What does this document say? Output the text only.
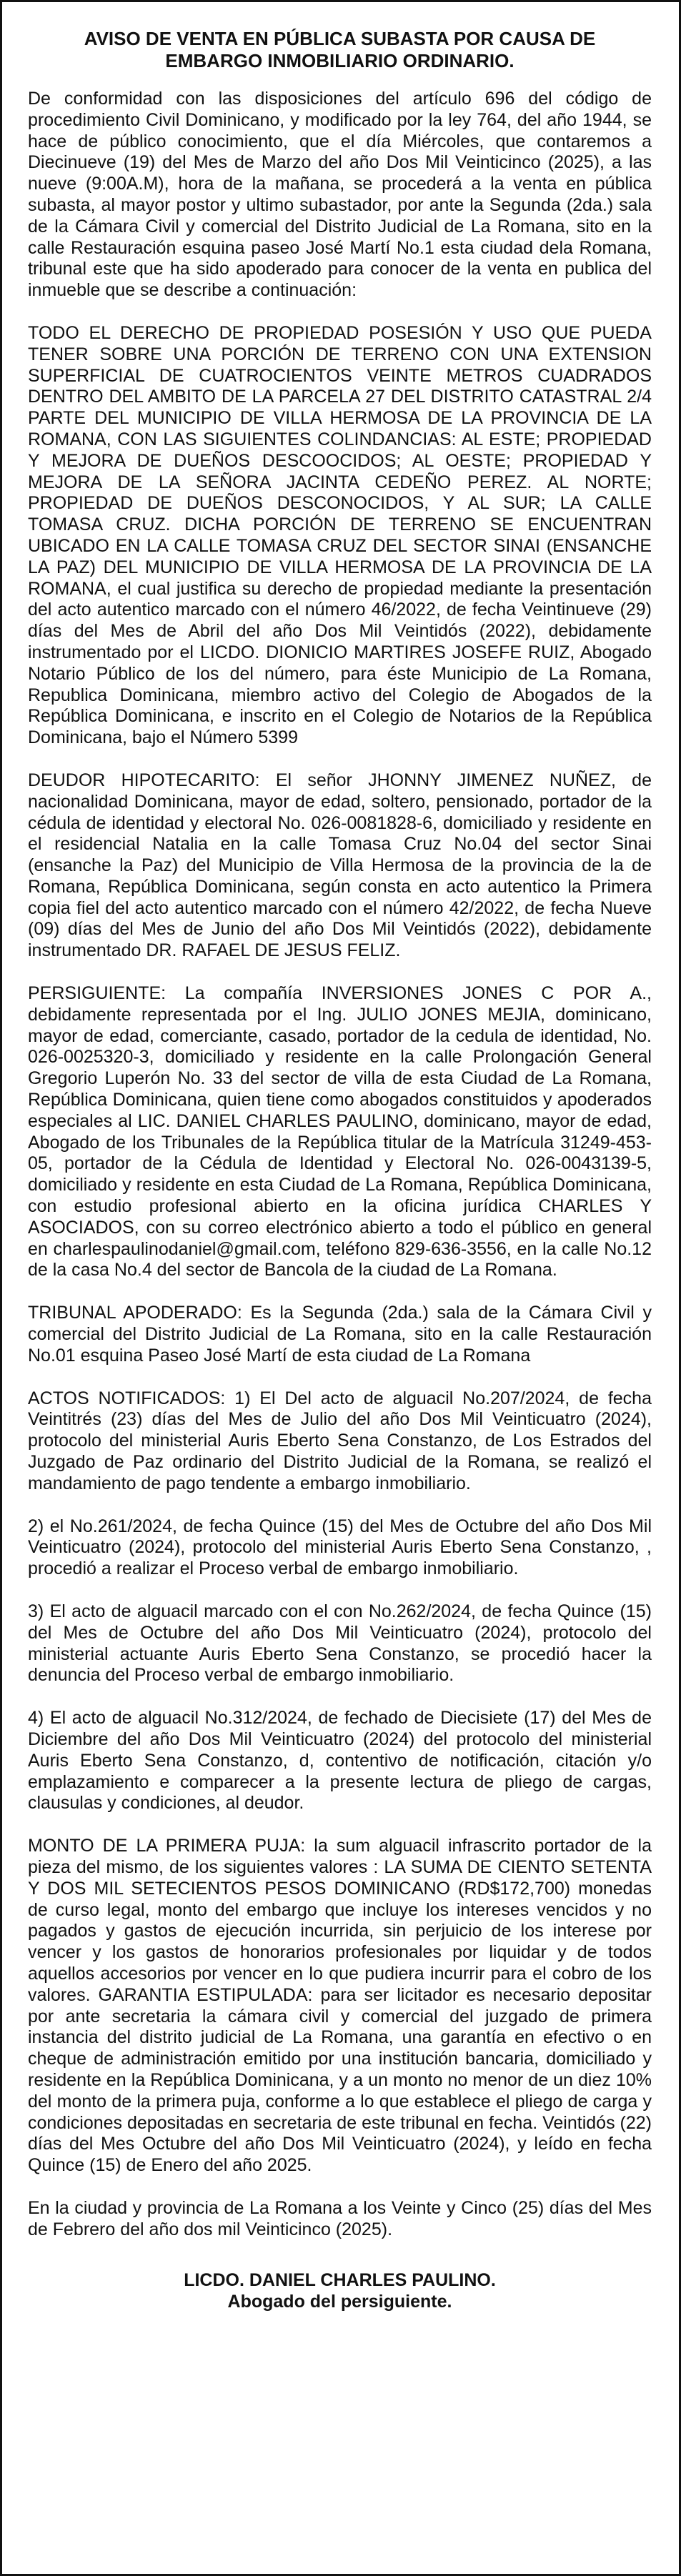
AVISO DE VENTA EN PÚBLICA SUBASTA POR CAUSA DE
EMBARGO INMOBILIARIO ORDINARIO.

De conformidad con las disposiciones del artículo 696 del código de procedimiento Civil Dominicano, y modificado por la ley 764, del año 1944, se hace de público conocimiento, que el día Miércoles, que contaremos a Diecinueve (19) del Mes de Marzo del año Dos Mil Veinticinco (2025), a las nueve (9:00A.M), hora de la mañana, se procederá a la venta en pública subasta, al mayor postor y ultimo subastador, por ante la Segunda (2da.) sala de la Cámara Civil y comercial del Distrito Judicial de La Romana, sito en la calle Restauración esquina paseo José Martí No.1 esta ciudad dela Romana, tribunal este que ha sido apoderado para conocer de la venta en publica del inmueble que se describe a continuación:

TODO EL DERECHO DE PROPIEDAD POSESIÓN Y USO QUE PUEDA TENER SOBRE UNA PORCIÓN DE TERRENO CON UNA EXTENSION SUPERFICIAL DE CUATROCIENTOS VEINTE METROS CUADRADOS DENTRO DEL AMBITO DE LA PARCELA 27 DEL DISTRITO CATASTRAL 2/4 PARTE DEL MUNICIPIO DE VILLA HERMOSA DE LA PROVINCIA DE LA ROMANA, CON LAS SIGUIENTES COLINDANCIAS: AL ESTE; PROPIEDAD Y MEJORA DE DUEÑOS DESCOOCIDOS; AL OESTE; PROPIEDAD Y MEJORA DE LA SEÑORA JACINTA CEDEÑO PEREZ. AL NORTE; PROPIEDAD DE DUEÑOS DESCONOCIDOS, Y AL SUR; LA CALLE TOMASA CRUZ. DICHA PORCIÓN DE TERRENO SE ENCUENTRAN UBICADO EN LA CALLE TOMASA CRUZ DEL SECTOR SINAI (ENSANCHE LA PAZ) DEL MUNICIPIO DE VILLA HERMOSA DE LA PROVINCIA DE LA ROMANA, el cual justifica su derecho de propiedad mediante la presentación del acto autentico marcado con el número 46/2022, de fecha Veintinueve (29) días del Mes de Abril del año Dos Mil Veintidós (2022), debidamente instrumentado por el LICDO. DIONICIO MARTIRES JOSEFE RUIZ, Abogado Notario Público de los del número, para éste Municipio de La Romana, Republica Dominicana, miembro activo del Colegio de Abogados de la República Dominicana, e inscrito en el Colegio de Notarios de la República Dominicana, bajo el Número 5399

DEUDOR HIPOTECARITO: El señor JHONNY JIMENEZ NUÑEZ, de nacionalidad Dominicana, mayor de edad, soltero, pensionado, portador de la cédula de identidad y electoral No. 026-0081828-6, domiciliado y residente en el residencial Natalia en la calle Tomasa Cruz No.04 del sector Sinai (ensanche la Paz) del Municipio de Villa Hermosa de la provincia de la de Romana, República Dominicana, según consta en acto autentico la Primera copia fiel del acto autentico marcado con el número 42/2022, de fecha Nueve (09) días del Mes de Junio del año Dos Mil Veintidós (2022), debidamente instrumentado DR. RAFAEL DE JESUS FELIZ.

PERSIGUIENTE: La compañía INVERSIONES JONES C POR A., debidamente representada por el Ing. JULIO JONES MEJIA, dominicano, mayor de edad, comerciante, casado, portador de la cedula de identidad, No. 026-0025320-3, domiciliado y residente en la calle Prolongación General Gregorio Luperón No. 33 del sector de villa de esta Ciudad de La Romana, República Dominicana, quien tiene como abogados constituidos y apoderados especiales al LIC. DANIEL CHARLES PAULINO, dominicano, mayor de edad, Abogado de los Tribunales de la República titular de la Matrícula 31249-453-05, portador de la Cédula de Identidad y Electoral No. 026-0043139-5, domiciliado y residente en esta Ciudad de La Romana, República Dominicana, con estudio profesional abierto en la oficina jurídica CHARLES Y ASOCIADOS, con su correo electrónico abierto a todo el público en general en charlespaulinodaniel@gmail.com, teléfono 829-636-3556, en la calle No.12 de la casa No.4 del sector de Bancola de la ciudad de La Romana.

TRIBUNAL APODERADO: Es la Segunda (2da.) sala de la Cámara Civil y comercial del Distrito Judicial de La Romana, sito en la calle Restauración No.01 esquina Paseo José Martí de esta ciudad de La Romana

ACTOS NOTIFICADOS: 1) El Del acto de alguacil No.207/2024, de fecha Veintitrés (23) días del Mes de Julio del año Dos Mil Veinticuatro (2024), protocolo del ministerial Auris Eberto Sena Constanzo, de Los Estrados del Juzgado de Paz ordinario del Distrito Judicial de la Romana, se realizó el mandamiento de pago tendente a embargo inmobiliario.

2) el No.261/2024, de fecha Quince (15) del Mes de Octubre del año Dos Mil Veinticuatro (2024), protocolo del ministerial Auris Eberto Sena Constanzo, , procedió a realizar el Proceso verbal de embargo inmobiliario.

3) El acto de alguacil marcado con el con No.262/2024, de fecha Quince (15) del Mes de Octubre del año Dos Mil Veinticuatro (2024), protocolo del ministerial actuante Auris Eberto Sena Constanzo, se procedió hacer la denuncia del Proceso verbal de embargo inmobiliario.

4) El acto de alguacil No.312/2024, de fechado de Diecisiete (17) del Mes de Diciembre del año Dos Mil Veinticuatro (2024) del protocolo del ministerial Auris Eberto Sena Constanzo, d, contentivo de notificación, citación y/o emplazamiento e comparecer a la presente lectura de pliego de cargas, clausulas y condiciones, al deudor.

MONTO DE LA PRIMERA PUJA: la sum alguacil infrascrito portador de la pieza del mismo, de los siguientes valores : LA SUMA DE CIENTO SETENTA Y DOS MIL SETECIENTOS PESOS DOMINICANO (RD$172,700) monedas de curso legal, monto del embargo que incluye los intereses vencidos y no pagados y gastos de ejecución incurrida, sin perjuicio de los interese por vencer y los gastos de honorarios profesionales por liquidar y de todos aquellos accesorios por vencer en lo que pudiera incurrir para el cobro de los valores. GARANTIA ESTIPULADA: para ser licitador es necesario depositar por ante secretaria la cámara civil y comercial del juzgado de primera instancia del distrito judicial de La Romana, una garantía en efectivo o en cheque de administración emitido por una institución bancaria, domiciliado y residente en la República Dominicana, y a un monto no menor de un diez 10% del monto de la primera puja, conforme a lo que establece el pliego de carga y condiciones depositadas en secretaria de este tribunal en fecha. Veintidós (22) días del Mes Octubre del año Dos Mil Veinticuatro (2024), y leído en fecha Quince (15) de Enero del año 2025.

En la ciudad y provincia de La Romana a los Veinte y Cinco (25) días del Mes de Febrero del año dos mil Veinticinco (2025).

LICDO. DANIEL CHARLES PAULINO.
Abogado del persiguiente.
